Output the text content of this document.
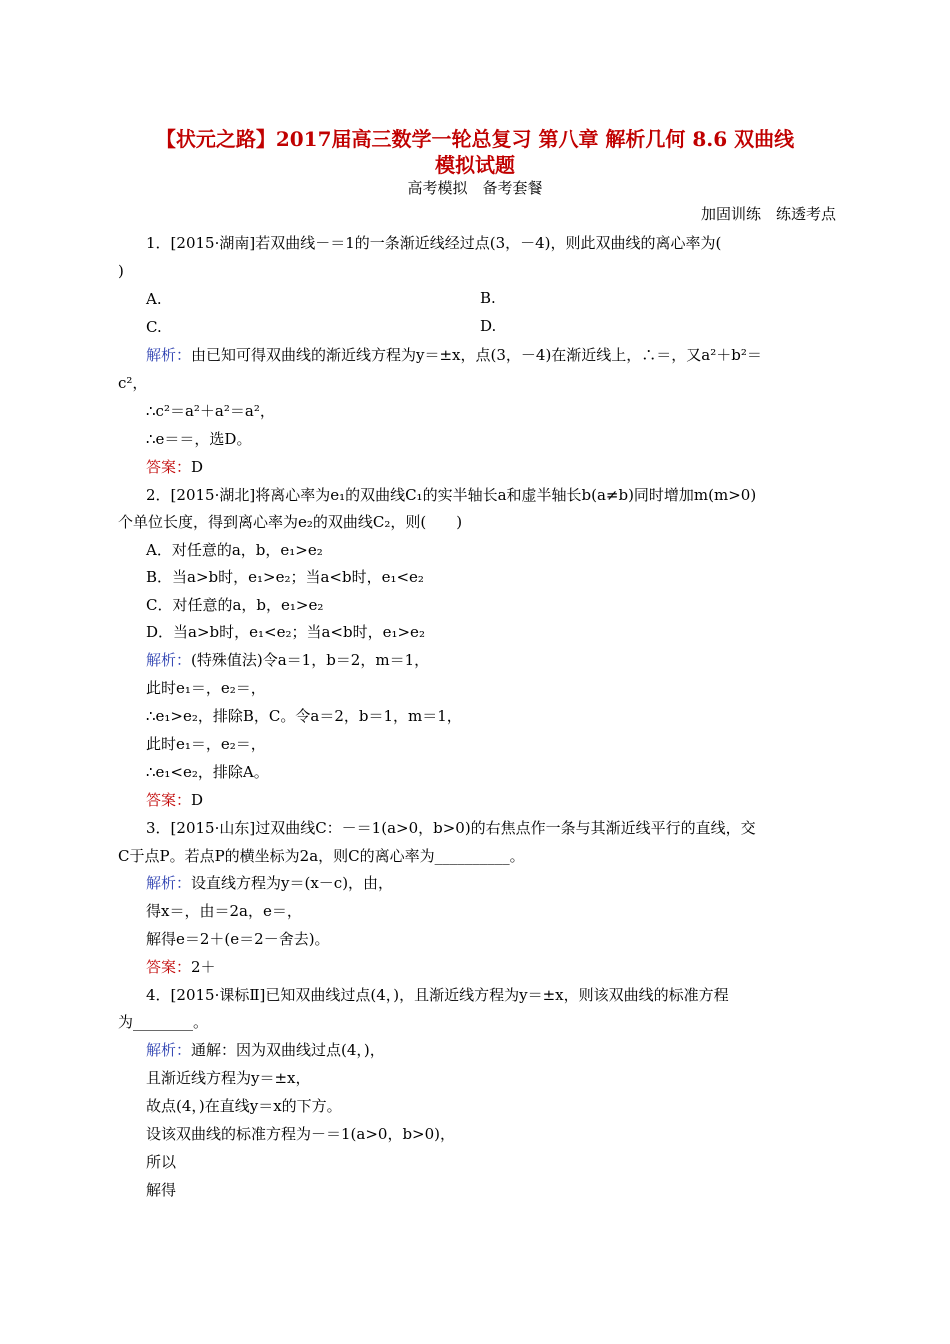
【状元之路】2017届高三数学一轮总复习 第八章 解析几何 8.6 双曲线
模拟试题
高考模拟　备考套餐
加固训练　练透考点
1．[2015·湖南]若双曲线－＝1的一条渐近线经过点(3，－4)，则此双曲线的离心率为(
)
A.	B.
C.	D.
解析：由已知可得双曲线的渐近线方程为y＝±x，点(3，－4)在渐近线上，∴＝，又a²＋b²＝
c²，
∴c²＝a²＋a²＝a²，
∴e＝＝，选D。
答案：D
2．[2015·湖北]将离心率为e₁的双曲线C₁的实半轴长a和虚半轴长b(a≠b)同时增加m(m>0)
个单位长度，得到离心率为e₂的双曲线C₂，则(　　)
A．对任意的a，b，e₁>e₂
B．当a>b时，e₁>e₂；当a<b时，e₁<e₂
C．对任意的a，b，e₁>e₂
D．当a>b时，e₁<e₂；当a<b时，e₁>e₂
解析：(特殊值法)令a＝1，b＝2，m＝1，
此时e₁＝，e₂＝，
∴e₁>e₂，排除B，C。令a＝2，b＝1，m＝1，
此时e₁＝，e₂＝，
∴e₁<e₂，排除A。
答案：D
3．[2015·山东]过双曲线C：－＝1(a>0，b>0)的右焦点作一条与其渐近线平行的直线，交
C于点P。若点P的横坐标为2a，则C的离心率为__________。
解析：设直线方程为y＝(x－c)，由，
得x＝，由＝2a，e＝，
解得e＝2＋(e＝2－舍去)。
答案：2＋
4．[2015·课标Ⅱ]已知双曲线过点(4，)，且渐近线方程为y＝±x，则该双曲线的标准方程
为________。
解析：通解：因为双曲线过点(4，)，
且渐近线方程为y＝±x，
故点(4，)在直线y＝x的下方。
设该双曲线的标准方程为－＝1(a>0，b>0)，
所以
解得
